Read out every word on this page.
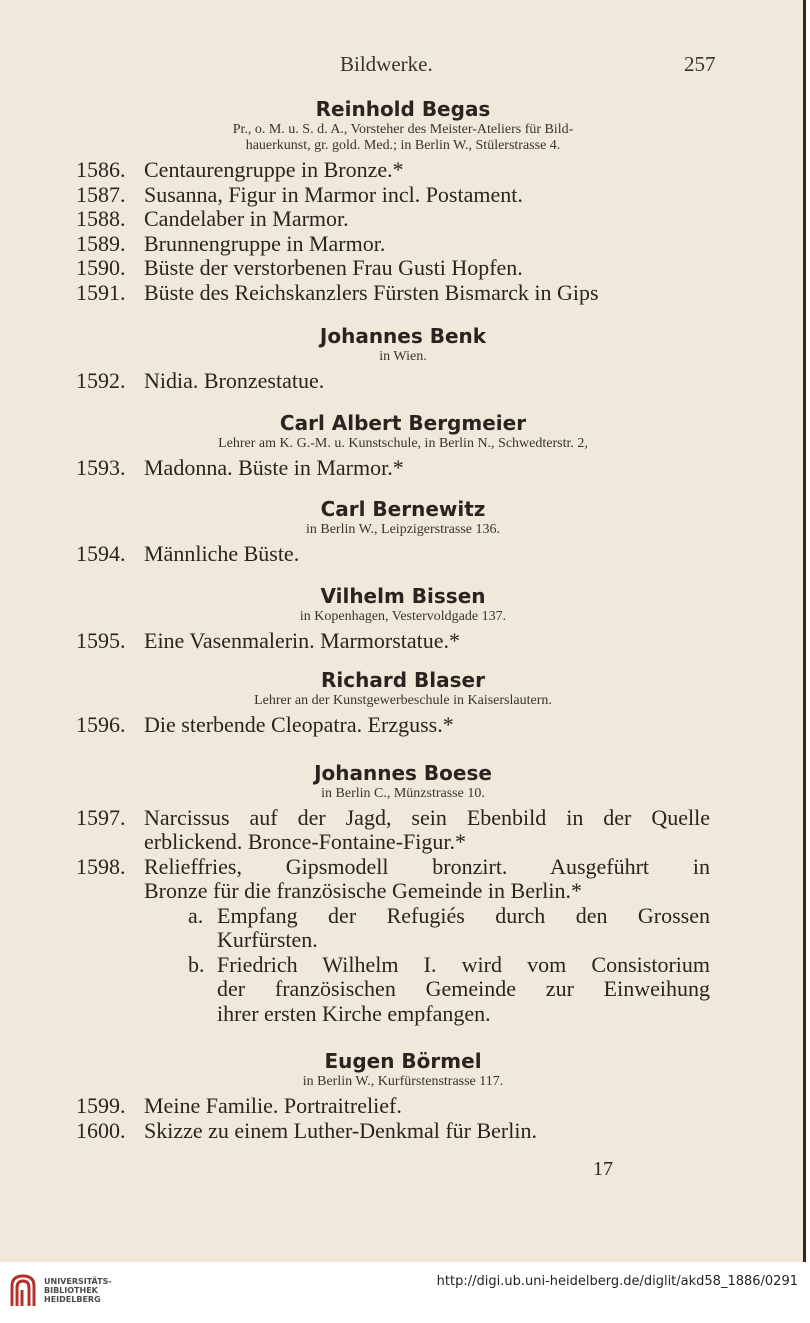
Bildwerke.	257
Reinhold Begas

Pr., o. M. u. S. d. A., Vorsteher des Meister-Ateliers für Bild-

hauerkunst, gr. gold. Med.; in Berlin W., Stülerstrasse 4.

1586. Centaurengruppe in Bronze.*
1587. Susanna, Figur in Marmor incl. Postament.
1588. Candelaber in Marmor.
1589. Brunnengruppe in Marmor.
1590. Büste der verstorbenen Frau Gusti Hopfen.
1591. Büste des Reichskanzlers Fürsten Bismarck in Gips
Johannes Benk

in Wien.

1592. Nidia. Bronzestatue.
Carl Albert Bergmeier

Lehrer am K. G.-M. u. Kunstschule, in Berlin N., Schwedterstr. 2,

1593. Madonna. Büste in Marmor.*
Carl Bernewitz

in Berlin W., Leipzigerstrasse 136.

1594. Männliche Büste.
Vilhelm Bissen

in Kopenhagen, Vestervoldgade 137.

1595. Eine Vasenmalerin. Marmorstatue.*
Richard Blaser

Lehrer an der Kunstgewerbeschule in Kaiserslautern.

1596. Die sterbende Cleopatra. Erzguss.*
Johannes Boese

in Berlin C., Münzstrasse 10.

1597. Narcissus auf der Jagd, sein Ebenbild in der Quelle
erblickend. Bronce-Fontaine-Figur.*
1598. Relieffries, Gipsmodell bronzirt. Ausgeführt in
Bronze für die französische Gemeinde in Berlin.*
a. Empfang der Refugiés durch den Grossen
Kurfürsten.
b. Friedrich Wilhelm I. wird vom Consistorium
der französischen Gemeinde zur Einweihung
ihrer ersten Kirche empfangen.
Eugen Börmel

in Berlin W., Kurfürstenstrasse 117.

1599. Meine Familie. Portraitrelief.
1600. Skizze zu einem Luther-Denkmal für Berlin.
17
UNIVERSITÄTS-
BIBLIOTHEK
HEIDELBERG
http://digi.ub.uni-heidelberg.de/diglit/akd58_1886/0291
